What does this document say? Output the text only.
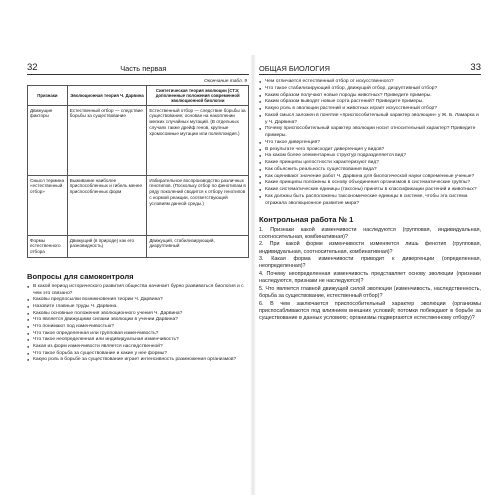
32	Часть первая
Окончание табл. 9
Признаки	Эволюционная теория Ч. Дарвина	Синтетическая теория эволюции (СТЭ; дополненные положения современной эволюционной биологии
Движущие факторы	Естественный отбор — следствие борьбы за существование	Естественный отбор — следствие борьбы за существование; основан на накоплении мелких случайных мутаций. (В отдельных случаях также дрейф генов, крупные хромосомные мутации или полиплоидия.)
Смысл термина «естественный отбор»	Выживание наиболее приспособленных и гибель менее приспособленных форм	Избирательное воспроизводство различных генотипов. (Поскольку отбор по фенотипам в ряду поколений сводится к отбору генотипов с нормой реакции, соответствующей условиям данной среды.)
Формы естественного отбора	Движущий (в природе) как его разновидность)	Движущий, стабилизирующий, дизруптивный
Вопросы для самоконтроля
● В какой период исторического развития общества начинает бурно развиваться биология и с чем это связано?
● Каковы предпосылки возникновения теории Ч. Дарвина?
● Назовите главные труды Ч. Дарвина.
● Каковы основные положения эволюционного учения Ч. Дарвина?
● Что является движущими силами эволюции в учении Дарвина?
● Что понимают под изменчивостью?
● Что такое определенная или групповая изменчивость?
● Что такое неопределенная или индивидуальная изменчивость?
● Какая из форм изменчивости является наследственной?
● Что такое борьба за существование и какие у нее формы?
● Какую роль в борьбе за существование играет интенсивность размножения организмов?
ОБЩАЯ БИОЛОГИЯ	33
● Чем отличается естественный отбор от искусственного?
● Что такое стабилизирующий отбор, движущий отбор, дизруптивный отбор?
● Каким образом получают новые породы животных? Приведите примеры.
● Каким образом выводят новые сорта растений? Приведите примеры.
● Какую роль в эволюции растений и животных играет искусственный отбор?
● Какой смысл заложен в понятие «приспособительный характер эволюции» у Ж. Б. Ламарка и у Ч. Дарвина?
● Почему приспособительный характер эволюции носит относительный характер? Приведите примеры.
● Что такое дивергенция?
● В результате чего происходит дивергенция у видов?
● На каком более элементарных структур подразделяется вид?
● Какие принципы целостности характеризуют вид?
● Как объяснить реальность существования вида?
● Как оценивают значение работ Ч. Дарвина для биологической науки современные ученые?
● Какие принципы положены в основу объединения организмов в систематические группы?
● Какие систематические единицы (таксоны) приняты в классификации растений и животных?
● Как должны быть расположены таксономические единицы в системе, чтобы эта система отражала эволюционное развитие мира?
Контрольная работа № 1
1. Признаки какой изменчивости наследуются (групповая, индивидуальная, соотносительная, комбинативная)?
2. При какой форме изменчивости изменяется лишь фенотип (групповая, индивидуальная, соотносительная, комбинативная)?
3. Какая форма изменчивости приводит к дивергенции (определенная, неопределенная)?
4. Почему неопределенная изменчивость представляет основу эволюции (признаки наследуются, признаки не наследуются)?
5. Что является главной движущей силой эволюции (изменчивость, наследственность, борьба за существование, естественный отбор)?
6. В чем заключается приспособительный характер эволюции (организмы приспосабливаются под влиянием внешних условий; потомки побеждают в борьбе за существование в данных условиях; организмы подвергаются естественному отбору)?
